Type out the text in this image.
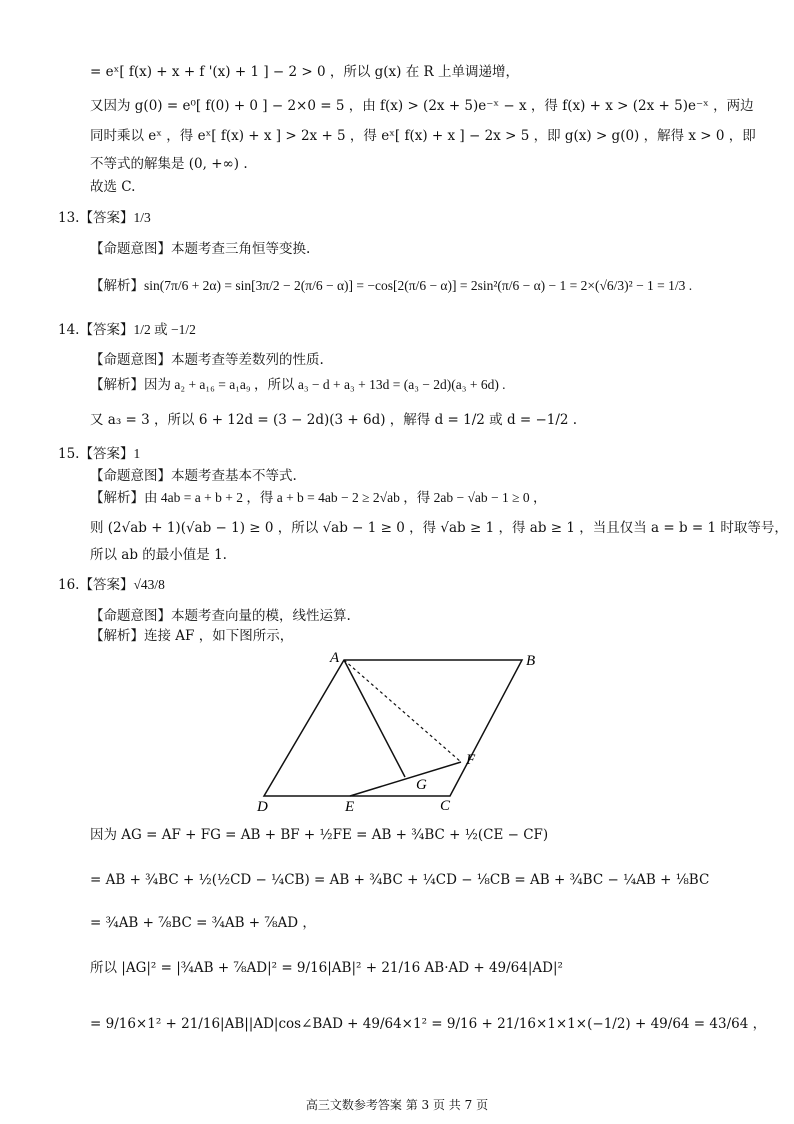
= eˣ[ f(x) + x + f '(x) + 1 ] − 2 > 0 ，所以 g(x) 在 R 上单调递增，
又因为 g(0) = e⁰[ f(0) + 0 ] − 2×0 = 5 ，由 f(x) > (2x + 5)e⁻ˣ − x ，得 f(x) + x > (2x + 5)e⁻ˣ ，两边
同时乘以 eˣ ，得 eˣ[ f(x) + x ] > 2x + 5 ，得 eˣ[ f(x) + x ] − 2x > 5 ，即 g(x) > g(0) ，解得 x > 0 ，即
不等式的解集是 (0, +∞) .
故选 C.
13.【答案】1/3
【命题意图】本题考查三角恒等变换.
【解析】sin(7π/6 + 2α) = sin[3π/2 − 2(π/6 − α)] = −cos[2(π/6 − α)] = 2sin²(π/6 − α) − 1 = 2×(√6/3)² − 1 = 1/3 .
14.【答案】1/2 或 −1/2
【命题意图】本题考查等差数列的性质.
【解析】因为 a₂ + a₁₆ = a₁a₉ ，所以 a₃ − d + a₃ + 13d = (a₃ − 2d)(a₃ + 6d) .
又 a₃ = 3 ，所以 6 + 12d = (3 − 2d)(3 + 6d) ，解得 d = 1/2 或 d = −1/2 .
15.【答案】1
【命题意图】本题考查基本不等式.
【解析】由 4ab = a + b + 2 ，得 a + b = 4ab − 2 ≥ 2√ab ，得 2ab − √ab − 1 ≥ 0 ，
则 (2√ab + 1)(√ab − 1) ≥ 0 ，所以 √ab − 1 ≥ 0 ，得 √ab ≥ 1 ，得 ab ≥ 1 ，当且仅当 a = b = 1 时取等号，
所以 ab 的最小值是 1.
16.【答案】√43/8
【命题意图】本题考查向量的模，线性运算.
【解析】连接 AF ，如下图所示，
A	B
C
D	E
F
G
因为 AG = AF + FG = AB + BF + ½FE = AB + ¾BC + ½(CE − CF)
= AB + ¾BC + ½(½CD − ¼CB) = AB + ¾BC + ¼CD − ⅛CB = AB + ¾BC − ¼AB + ⅛BC
= ¾AB + ⅞BC = ¾AB + ⅞AD ，
所以 |AG|² = |¾AB + ⅞AD|² = 9/16|AB|² + 21/16 AB·AD + 49/64|AD|²
= 9/16×1² + 21/16|AB||AD|cos∠BAD + 49/64×1² = 9/16 + 21/16×1×1×(−1/2) + 49/64 = 43/64 ，
高三文数参考答案 第 3 页 共 7 页
